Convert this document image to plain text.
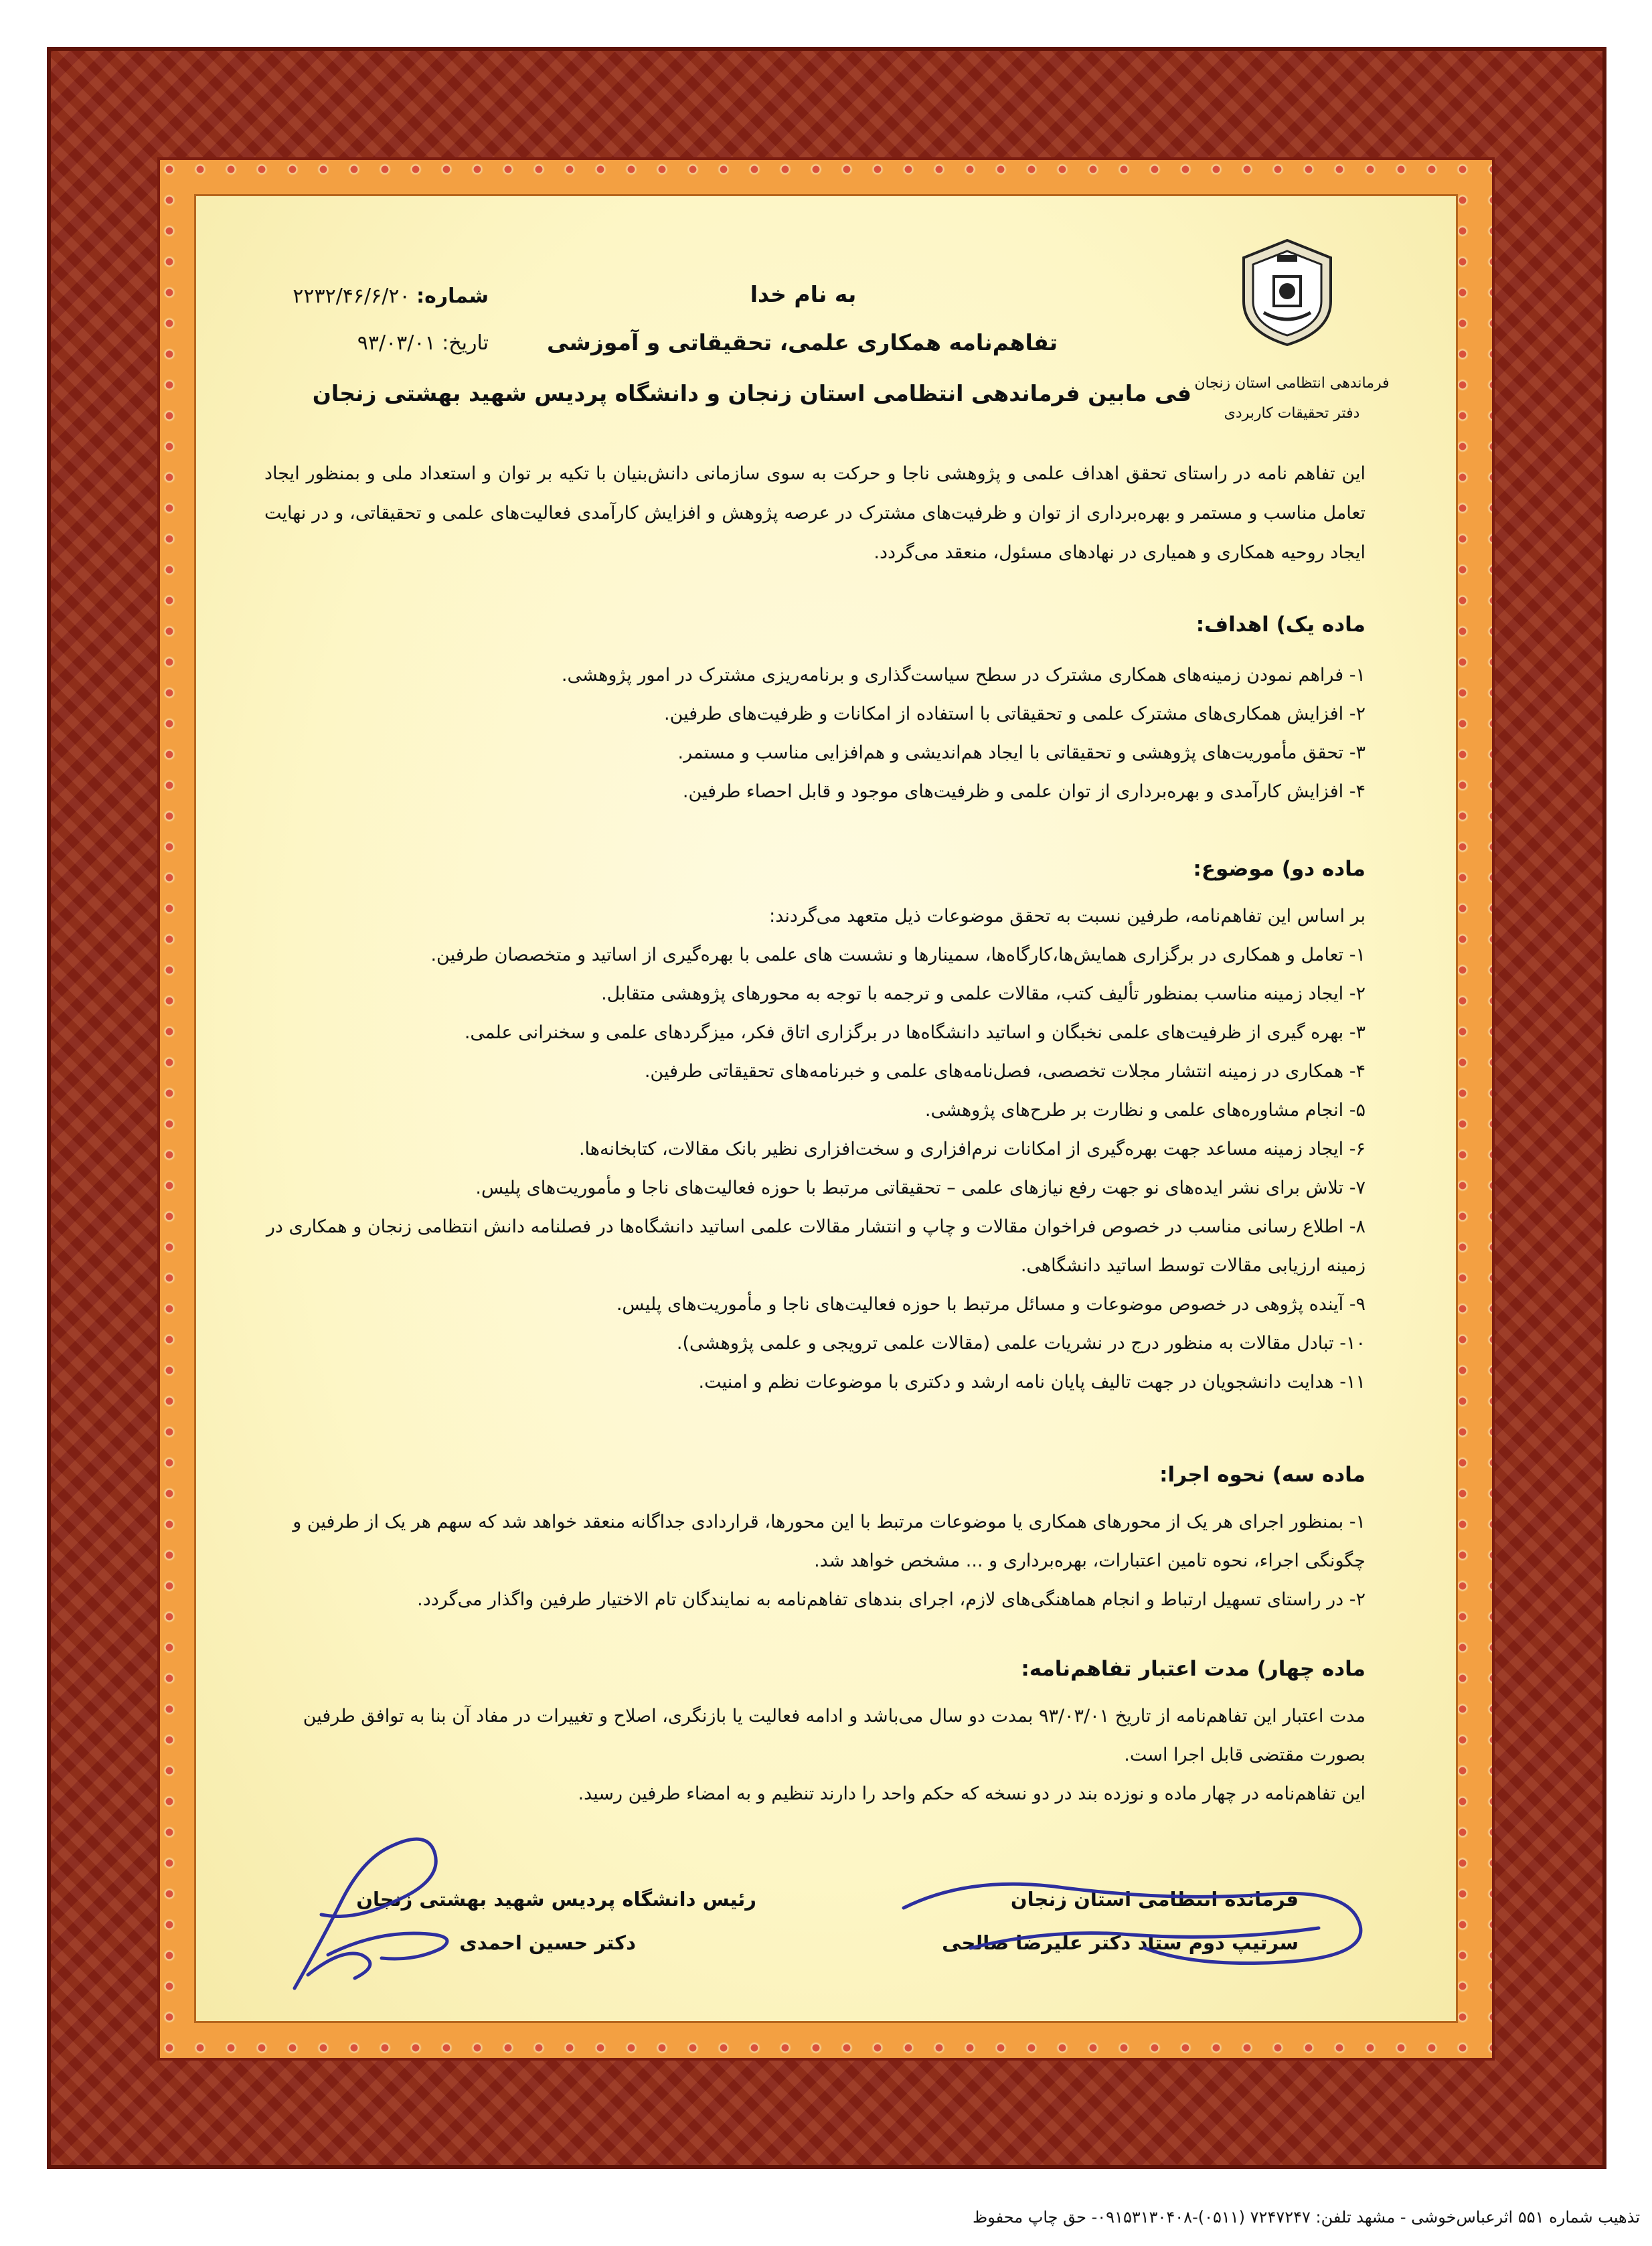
فرماندهی انتظامی استان زنجان
دفتر تحقیقات کاربردی
به نام خدا
تفاهم‌نامه همکاری علمی، تحقیقاتی و آموزشی
فی مابین فرماندهی انتظامی استان زنجان و دانشگاه پردیس شهید بهشتی زنجان
شماره: ۲۲۳۲/۴۶/۶/۲۰
تاریخ: ۹۳/۰۳/۰۱
این تفاهم نامه در راستای تحقق اهداف علمی و پژوهشی ناجا و حرکت به سوی سازمانی دانش‌بنیان با تکیه بر توان و استعداد ملی و بمنظور ایجاد تعامل مناسب و مستمر و بهره‌برداری از توان و ظرفیت‌های مشترک در عرصه پژوهش و افزایش کارآمدی فعالیت‌های علمی و تحقیقاتی، و در نهایت ایجاد روحیه همکاری و همیاری در نهادهای مسئول، منعقد می‌گردد.
ماده یک) اهداف:
۱- فراهم نمودن زمینه‌های همکاری مشترک در سطح سیاست‌گذاری و برنامه‌ریزی مشترک در امور پژوهشی.
۲- افزایش همکاری‌های مشترک علمی و تحقیقاتی با استفاده از امکانات و ظرفیت‌های طرفین.
۳- تحقق مأموریت‌های پژوهشی و تحقیقاتی با ایجاد هم‌اندیشی و هم‌افزایی مناسب و مستمر.
۴- افزایش کارآمدی و بهره‌برداری از توان علمی و ظرفیت‌های موجود و قابل احصاء طرفین.
ماده دو) موضوع:
بر اساس این تفاهم‌نامه، طرفین نسبت به تحقق موضوعات ذیل متعهد می‌گردند:
۱- تعامل و همکاری در برگزاری همایش‌ها،کارگاه‌ها، سمینارها و نشست های علمی با بهره‌گیری از اساتید و متخصصان طرفین.
۲- ایجاد زمینه مناسب بمنظور تألیف کتب، مقالات علمی و ترجمه با توجه به محورهای پژوهشی متقابل.
۳- بهره گیری از ظرفیت‌های علمی نخبگان و اساتید دانشگاه‌ها در برگزاری اتاق فکر، میزگردهای علمی و سخنرانی علمی.
۴- همکاری در زمینه انتشار مجلات تخصصی، فصل‌نامه‌های علمی و خبرنامه‌های تحقیقاتی طرفین.
۵- انجام مشاوره‌های علمی و نظارت بر طرح‌های پژوهشی.
۶- ایجاد زمینه مساعد جهت بهره‌گیری از امکانات نرم‌افزاری و سخت‌افزاری نظیر بانک مقالات، کتابخانه‌ها.
۷- تلاش برای نشر ایده‌های نو جهت رفع نیازهای علمی – تحقیقاتی مرتبط با حوزه فعالیت‌های ناجا و مأموریت‌های پلیس.
۸- اطلاع رسانی مناسب در خصوص فراخوان مقالات و چاپ و انتشار مقالات علمی اساتید دانشگاه‌ها در فصلنامه دانش انتظامی زنجان و همکاری در زمینه ارزیابی مقالات توسط اساتید دانشگاهی.
۹- آینده پژوهی در خصوص موضوعات و مسائل مرتبط با حوزه فعالیت‌های ناجا و مأموریت‌های پلیس.
۱۰- تبادل مقالات به منظور درج در نشریات علمی (مقالات علمی ترویجی و علمی پژوهشی).
۱۱- هدایت دانشجویان در جهت تالیف پایان نامه ارشد و دکتری با موضوعات نظم و امنیت.
ماده سه) نحوه اجرا:
۱- بمنظور اجرای هر یک از محورهای همکاری یا موضوعات مرتبط با این محورها، قراردادی جداگانه منعقد خواهد شد که سهم هر یک از طرفین و چگونگی اجراء، نحوه تامین اعتبارات، بهره‌برداری و ... مشخص خواهد شد.
۲- در راستای تسهیل ارتباط و انجام هماهنگی‌های لازم، اجرای بندهای تفاهم‌نامه به نمایندگان تام الاختیار طرفین واگذار می‌گردد.
ماده چهار) مدت اعتبار تفاهم‌نامه:
مدت اعتبار این تفاهم‌نامه از تاریخ ۹۳/۰۳/۰۱ بمدت دو سال می‌باشد و ادامه فعالیت یا بازنگری، اصلاح و تغییرات در مفاد آن بنا به توافق طرفین بصورت مقتضی قابل اجرا است.
این تفاهم‌نامه در چهار ماده و نوزده بند در دو نسخه که حکم واحد را دارند تنظیم و به امضاء طرفین رسید.
فرمانده انتظامی استان زنجان
سرتیپ دوم ستاد دکتر علیرضا صالحی
رئیس دانشگاه پردیس شهید بهشتی زنجان
دکتر حسین احمدی
تذهیب شماره ۵۵۱ اثرعباس‌خوشی - مشهد تلفن: ۷۲۴۷۲۴۷ (۰۵۱۱)-۰۹۱۵۳۱۳۰۴۰۸- حق چاپ محفوظ
